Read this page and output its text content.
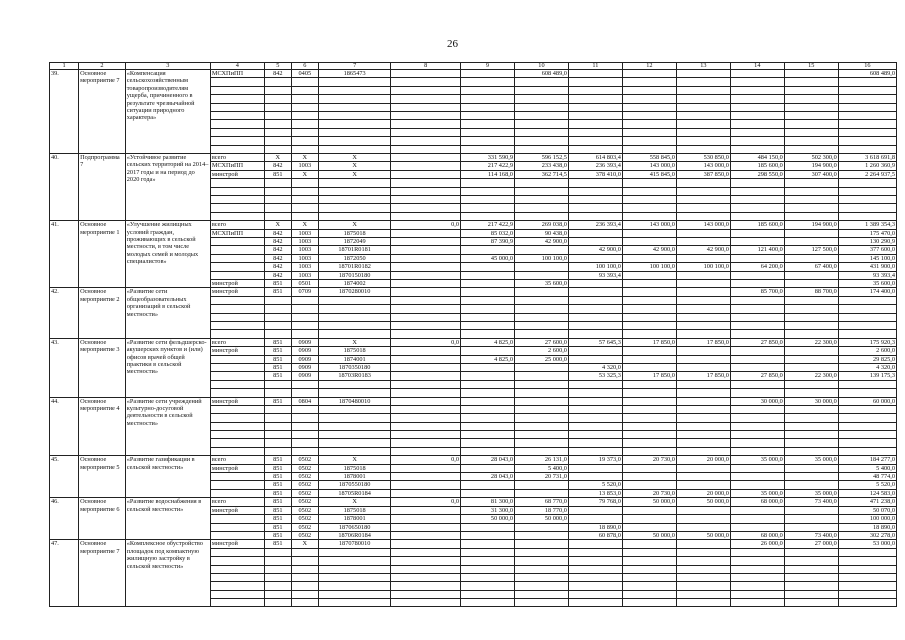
26
1	2	3	4	5	6	7	8	9	10	11	12	13	14	15	16
39.	Основное мероприятие 7	«Компенсация сельскохозяйственным товаропроизводителям ущерба, причиненного в результате чрезвычайной ситуации природного характера»	МСХПиПП	842	0405	1865473			608 489,0						608 489,0

40.	Подпрограмма 7	«Устойчивое развитие сельских территорий на 2014–2017 годы и на период до 2020 года»	всего	X	X	X		331 590,9	596 152,5	614 803,4	558 845,0	530 850,0	484 150,0	502 300,0	3 618 691,8
			МСХПиПП	842	1003	X		217 422,9	233 438,0	236 393,4	143 000,0	143 000,0	185 600,0	194 900,0	1 260 360,9
			минстрой	851	X	X		114 168,0	362 714,5	378 410,0	415 845,0	387 850,0	298 550,0	307 400,0	2 264 937,5

41.	Основное мероприятие 1	«Улучшение жилищных условий граждан, проживающих в сельской местности, в том числе молодых семей и молодых специалистов»	всего	X	X	X	0,0	217 422,9	269 038,0	236 393,4	143 000,0	143 000,0	185 600,0	194 900,0	1 389 354,3
			МСХПиПП	842	1003	1875018		85 032,0	90 438,0						175 470,0
				842	1003	1872049		87 390,9	42 900,0						130 290,9
				842	1003	18701R0181				42 900,0	42 900,0	42 900,0	121 400,0	127 500,0	377 600,0
				842	1003	1872050		45 000,0	100 100,0						145 100,0
				842	1003	18701R0182				100 100,0	100 100,0	100 100,0	64 200,0	67 400,0	431 900,0
				842	1003	1870150180				93 393,4					93 393,4
			минстрой	851	0501	1874002			35 600,0						35 600,0
42.	Основное мероприятие 2	«Развитие сети общеобразовательных организаций в сельской местности»	минстрой	851	0709	1870280010							85 700,0	88 700,0	174 400,0

43.	Основное мероприятие 3	«Развитие сети фельдшерско-акушерских пунктов и (или) офисов врачей общей практики в сельской местности»	всего	851	0909	X	0,0	4 825,0	27 600,0	57 645,3	17 850,0	17 850,0	27 850,0	22 300,0	175 920,3
			минстрой	851	0909	1875018			2 600,0						2 600,0
				851	0909	1874001		4 825,0	25 000,0						29 825,0
				851	0909	1870350180				4 320,0					4 320,0
				851	0909	18703R0183				53 325,3	17 850,0	17 850,0	27 850,0	22 300,0	139 175,3

44.	Основное мероприятие 4	«Развитие сети учреждений культурно-досуговой деятельности в сельской местности»	минстрой	851	0804	1870480010							30 000,0	30 000,0	60 000,0

45.	Основное мероприятие 5	«Развитие газификации в сельской местности»	всего	851	0502	X	0,0	28 043,0	26 131,0	19 373,0	20 730,0	20 000,0	35 000,0	35 000,0	184 277,0
			минстрой	851	0502	1875018			5 400,0						5 400,0
				851	0502	1878001		28 043,0	20 731,0						48 774,0
				851	0502	1870550180				5 520,0					5 520,0
				851	0502	18705R0184				13 853,0	20 730,0	20 000,0	35 000,0	35 000,0	124 583,0
46.	Основное мероприятие 6	«Развитие водоснабжения в сельской местности»	всего	851	0502	X	0,0	81 300,0	68 770,0	79 768,0	50 000,0	50 000,0	68 000,0	73 400,0	471 238,0
			минстрой	851	0502	1875018		31 300,0	18 770,0						50 070,0
				851	0502	1878001		50 000,0	50 000,0						100 000,0
				851	0502	1870650180				18 890,0					18 890,0
				851	0502	18706R0184				60 878,0	50 000,0	50 000,0	68 000,0	73 400,0	302 278,0
47.	Основное мероприятие 7	«Комплексное обустройство площадок под компактную жилищную застройку в сельской местности»	минстрой	851	X	1870780010							26 000,0	27 000,0	53 000,0
